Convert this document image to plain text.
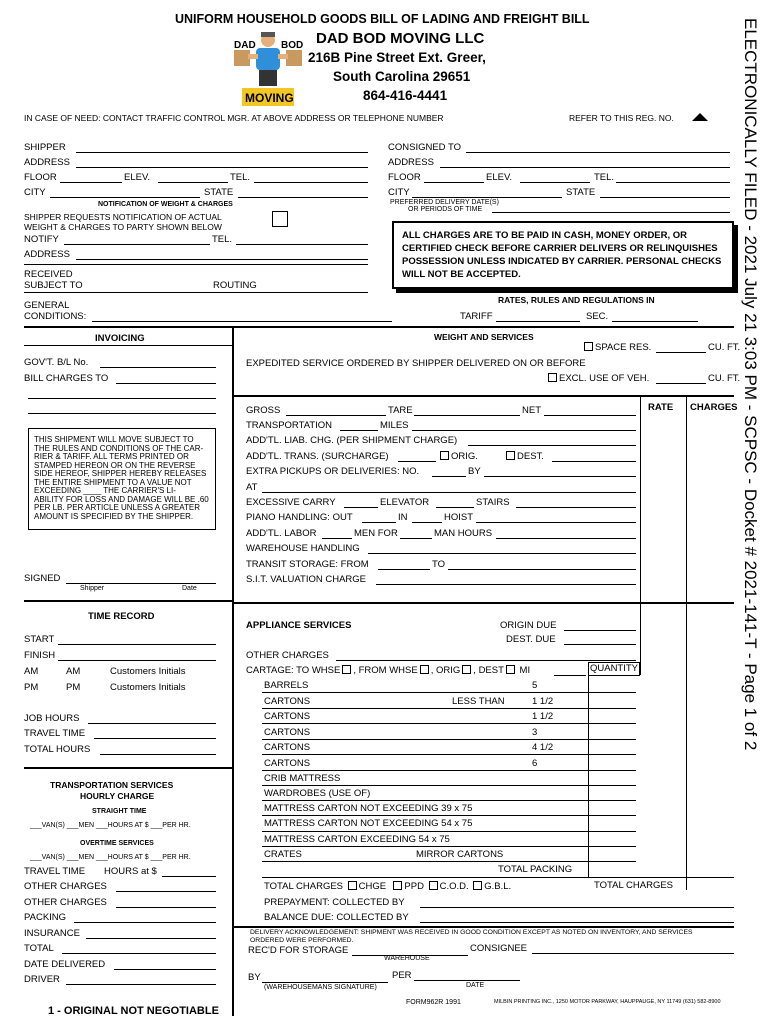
UNIFORM HOUSEHOLD GOODS BILL OF LADING AND FREIGHT BILL
DAD	BOD
MOVING
DAD BOD MOVING LLC
216B Pine Street Ext. Greer,
South Carolina 29651
864-416-4441
IN CASE OF NEED: CONTACT TRAFFIC CONTROL MGR. AT ABOVE ADDRESS OR TELEPHONE NUMBER	REFER TO THIS REG. NO.	ELECTRONICALLY FILED - 2021 July 21 3:03 PM - SCPSC - Docket # 2021-141-T - Page 1 of 2
SHIPPER
ADDRESS
FLOOR	ELEV.	TEL.
CITY	STATE
NOTIFICATION OF WEIGHT & CHARGES
SHIPPER REQUESTS NOTIFICATION OF ACTUAL
WEIGHT & CHARGES TO PARTY SHOWN BELOW
NOTIFY	TEL.
ADDRESS
RECEIVED
SUBJECT TO	ROUTING
GENERAL
CONDITIONS:
CONSIGNED TO
ADDRESS
FLOOR	ELEV.	TEL.
CITY	STATE
PREFERRED DELIVERY DATE(S)
OR PERIODS OF TIME
ALL CHARGES ARE TO BE PAID IN CASH, MONEY ORDER, OR
CERTIFIED CHECK BEFORE CARRIER DELIVERS OR RELINQUISHES
POSSESSION UNLESS INDICATED BY CARRIER. PERSONAL CHECKS
WILL NOT BE ACCEPTED.
RATES, RULES AND REGULATIONS IN
TARIFF	SEC.
INVOICING
GOV'T. B/L No.
BILL CHARGES TO
THIS SHIPMENT WILL MOVE SUBJECT TO
THE RULES AND CONDITIONS OF THE CAR-
RIER & TARIFF. ALL TERMS PRINTED OR
STAMPED HEREON OR ON THE REVERSE
SIDE HEREOF, SHIPPER HEREBY RELEASES
THE ENTIRE SHIPMENT TO A VALUE NOT
EXCEEDING ____ THE CARRIER'S LI-
ABILITY FOR LOSS AND DAMAGE WILL BE .60
PER LB. PER ARTICLE UNLESS A GREATER
AMOUNT IS SPECIFIED BY THE SHIPPER.
SIGNED
Shipper	Date
TIME RECORD
START
FINISH
AM	AM	Customers Initials
PM	PM	Customers Initials
JOB HOURS
TRAVEL TIME
TOTAL HOURS
TRANSPORTATION SERVICES
HOURLY CHARGE
STRAIGHT TIME
___VAN(S) ___MEN ___HOURS AT $ ___PER HR.
OVERTIME SERVICES
___VAN(S) ___MEN ___HOURS AT $ ___PER HR.
TRAVEL TIME HOURS at $
OTHER CHARGES
OTHER CHARGES
PACKING
INSURANCE
TOTAL
DATE DELIVERED
DRIVER
1 - ORIGINAL NOT NEGOTIABLE
WEIGHT AND SERVICES
SPACE RES.	CU. FT.
EXPEDITED SERVICE ORDERED BY SHIPPER DELIVERED ON OR BEFORE
EXCL. USE OF VEH.	CU. FT.
RATE CHARGES
GROSS	TARE	NET
TRANSPORTATION	MILES
ADD'TL. LIAB. CHG. (PER SHIPMENT CHARGE)
ADD'TL. TRANS. (SURCHARGE)	ORIG.	DEST.
EXTRA PICKUPS OR DELIVERIES: NO.	BY
AT
EXCESSIVE CARRY	ELEVATOR	STAIRS
PIANO HANDLING: OUT	IN	HOIST
ADD'TL. LABOR	MEN FOR	MAN HOURS
WAREHOUSE HANDLING
TRANSIT STORAGE: FROM	TO
S.I.T. VALUATION CHARGE
APPLIANCE SERVICES	ORIGIN DUE
DEST. DUE
OTHER CHARGES
CARTAGE: TO WHSE , FROM WHSE , ORIG , DEST MI	QUANTITY
BARRELS	5
CARTONS	LESS THAN	1 1/2
CARTONS	1 1/2
CARTONS	3
CARTONS	4 1/2
CARTONS	6
CRIB MATTRESS
WARDROBES (USE OF)
MATTRESS CARTON NOT EXCEEDING 39 x 75
MATTRESS CARTON NOT EXCEEDING 54 x 75
MATTRESS CARTON EXCEEDING 54 x 75
CRATES	MIRROR CARTONS
TOTAL PACKING
TOTAL CHARGES CHGE PPD C.O.D. G.B.L.	TOTAL CHARGES
PREPAYMENT: COLLECTED BY
BALANCE DUE: COLLECTED BY
DELIVERY ACKNOWLEDGEMENT: SHIPMENT WAS RECEIVED IN GOOD CONDITION EXCEPT AS NOTED ON INVENTORY, AND SERVICES
ORDERED WERE PERFORMED.
REC'D FOR STORAGE	CONSIGNEE
WAREHOUSE
BY	PER
(WAREHOUSEMANS SIGNATURE)	DATE
FORM962R 1991	MILBIN PRINTING INC., 1250 MOTOR PARKWAY, HAUPPAUGE, NY 11749 (631) 582-8900
